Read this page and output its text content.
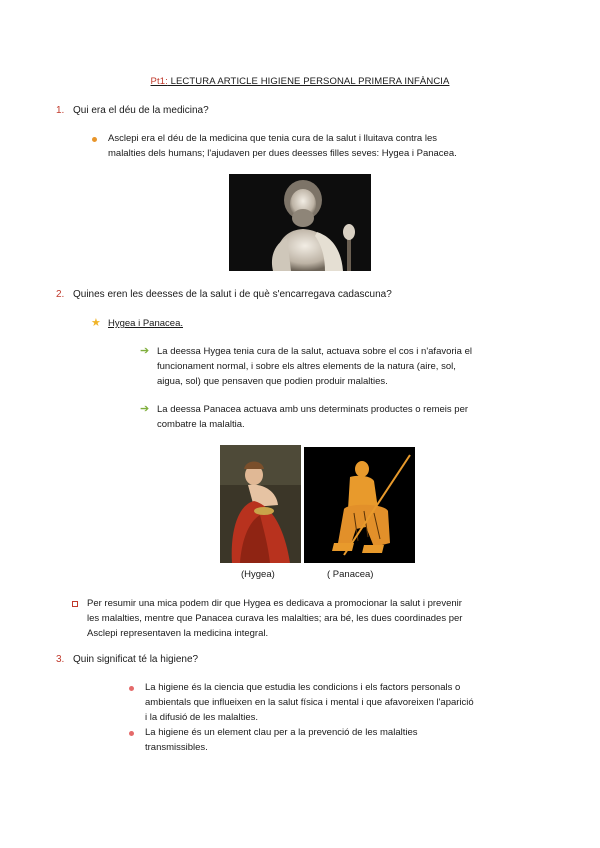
Pt1: LECTURA ARTICLE HIGIENE PERSONAL PRIMERA INFÀNCIA
1. Qui era el déu de la medicina?
Asclepi era el déu de la medicina que tenia cura de la salut i lluitava contra les
malalties dels humans; l'ajudaven per dues deesses filles seves: Hygea i Panacea.
2. Quines eren les deesses de la salut i de què s'encarregava cadascuna?
★ Hygea i Panacea.
➔ La deessa Hygea tenia cura de la salut, actuava sobre el cos i n'afavoria el
funcionament normal, i sobre els altres elements de la natura (aire, sol,
aigua, sol) que pensaven que podien produir malalties.
➔ La deessa Panacea actuava amb uns determinats productes o remeis per
combatre la malaltia.
(Hygea)	( Panacea)
Per resumir una mica podem dir que Hygea es dedicava a promocionar la salut i prevenir
les malalties, mentre que Panacea curava les malalties; ara bé, les dues coordinades per
Asclepi representaven la medicina integral.
3. Quin significat té la higiene?
La higiene és la ciencia que estudia les condicions i els factors personals o
ambientals que influeixen en la salut física i mental i que afavoreixen l'aparició
i la difusió de les malalties.
La higiene és un element clau per a la prevenció de les malalties
transmissibles.
